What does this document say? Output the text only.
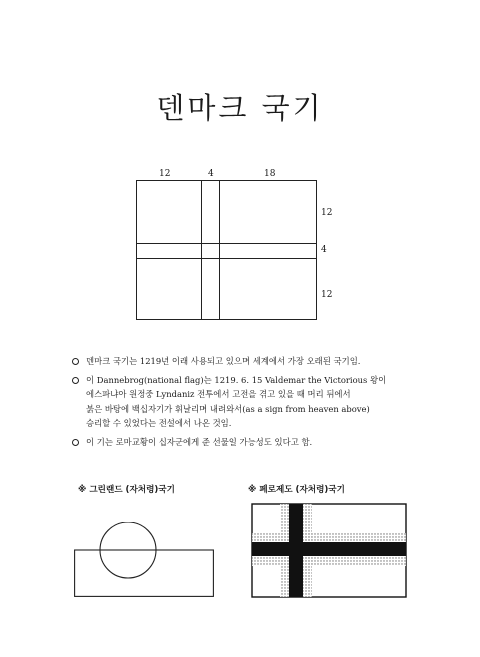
덴마크 국기
12	4	18
12
4
12
덴마크 국기는 1219년 이래 사용되고 있으며 세계에서 가장 오래된 국기임.
이 Dannebrog(national flag)는 1219. 6. 15 Valdemar the Victorious 왕이
에스파냐아 원정중 Lyndaniz 전투에서 고전을 겪고 있을 때 머리 뒤에서
붉은 바탕에 백십자기가 휘날리며 내려와서(as a sign from heaven above)
승리할 수 있었다는 전설에서 나온 것임.
이 기는 로마교황이 십자군에게 준 선물일 가능성도 있다고 함.
※ 그린랜드 (자처령)국기	※ 페로제도 (자처령)국기
